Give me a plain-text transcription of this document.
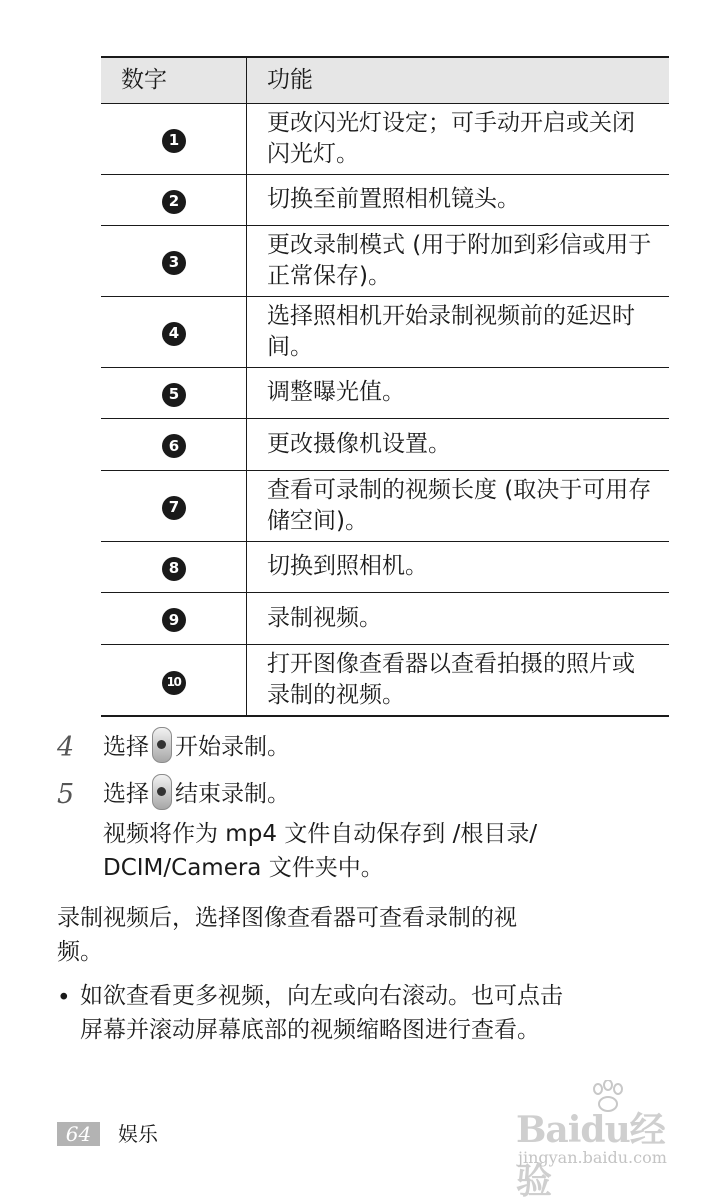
数字	功能
1	更改闪光灯设定；可手动开启或关闭闪光灯。
2	切换至前置照相机镜头。
3	更改录制模式 (用于附加到彩信或用于正常保存)。
4	选择照相机开始录制视频前的延迟时间。
5	调整曝光值。
6	更改摄像机设置。
7	查看可录制的视频长度 (取决于可用存储空间)。
8	切换到照相机。
9	录制视频。
10	打开图像查看器以查看拍摄的照片或录制的视频。
4	选择 开始录制。
5	选择 结束录制。
视频将作为 mp4 文件自动保存到 /根目录/
DCIM/Camera 文件夹中。
录制视频后，选择图像查看器可查看录制的视
频。
• 如欲查看更多视频，向左或向右滚动。也可点击
屏幕并滚动屏幕底部的视频缩略图进行查看。
64	娱乐	Baidu经验
jingyan.baidu.com
